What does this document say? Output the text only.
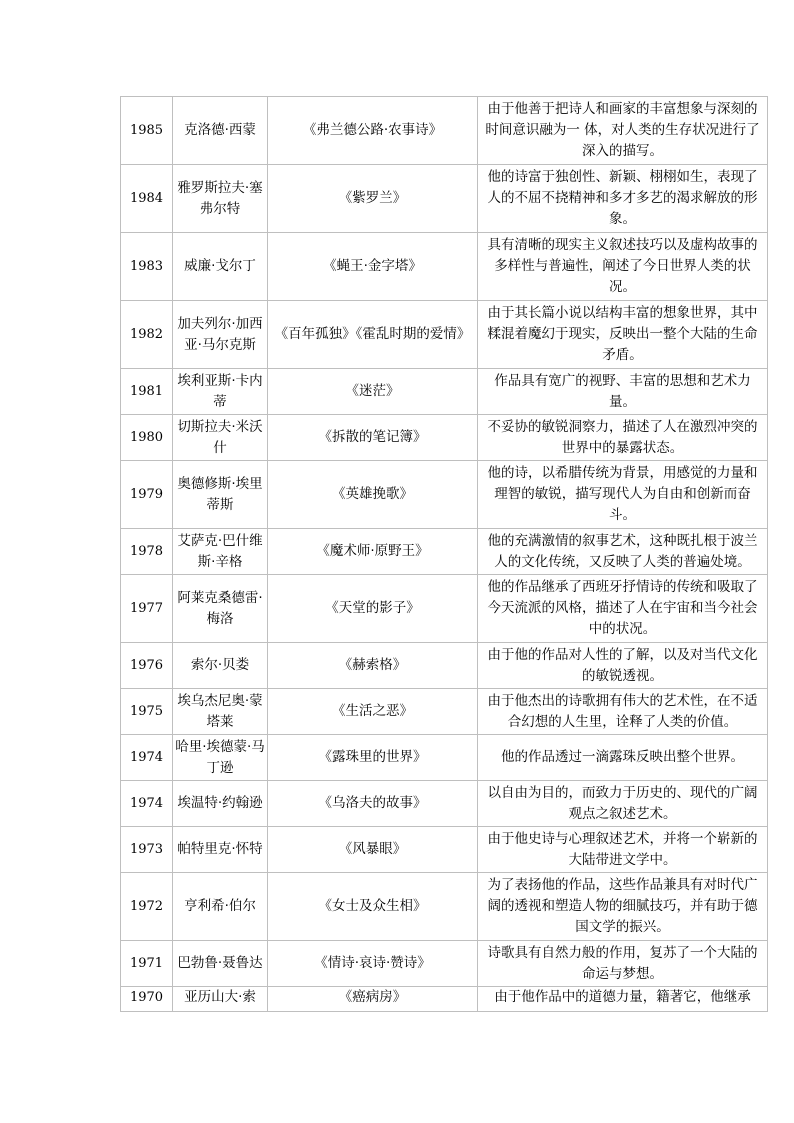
1985	克洛德·西蒙	《弗兰德公路·农事诗》	由于他善于把诗人和画家的丰富想象与深刻的时间意识融为一 体，对人类的生存状况进行了深入的描写。
1984	雅罗斯拉夫·塞弗尔特	《紫罗兰》	他的诗富于独创性、新颖、栩栩如生，表现了人的不屈不挠精神和多才多艺的渴求解放的形象。
1983	威廉·戈尔丁	《蝇王·金字塔》	具有清晰的现实主义叙述技巧以及虚构故事的多样性与普遍性，阐述了今日世界人类的状况。
1982	加夫列尔·加西亚·马尔克斯	《百年孤独》《霍乱时期的爱情》	由于其长篇小说以结构丰富的想象世界，其中糅混着魔幻于现实，反映出一整个大陆的生命矛盾。
1981	埃利亚斯·卡内蒂	《迷茫》	作品具有宽广的视野、丰富的思想和艺术力量。
1980	切斯拉夫·米沃什	《拆散的笔记簿》	不妥协的敏锐洞察力，描述了人在激烈冲突的世界中的暴露状态。
1979	奥德修斯·埃里蒂斯	《英雄挽歌》	他的诗，以希腊传统为背景，用感觉的力量和理智的敏锐，描写现代人为自由和创新而奋斗。
1978	艾萨克·巴什维斯·辛格	《魔术师·原野王》	他的充满激情的叙事艺术，这种既扎根于波兰人的文化传统，又反映了人类的普遍处境。
1977	阿莱克桑德雷·梅洛	《天堂的影子》	他的作品继承了西班牙抒情诗的传统和吸取了今天流派的风格，描述了人在宇宙和当今社会中的状况。
1976	索尔·贝娄	《赫索格》	由于他的作品对人性的了解，以及对当代文化的敏锐透视。
1975	埃乌杰尼奥·蒙塔莱	《生活之恶》	由于他杰出的诗歌拥有伟大的艺术性，在不适合幻想的人生里，诠释了人类的价值。
1974	哈里·埃德蒙·马丁逊	《露珠里的世界》	他的作品透过一滴露珠反映出整个世界。
1974	埃温特·约翰逊	《乌洛夫的故事》	以自由为目的，而致力于历史的、现代的广阔观点之叙述艺术。
1973	帕特里克·怀特	《风暴眼》	由于他史诗与心理叙述艺术，并将一个崭新的大陆带进文学中。
1972	亨利希·伯尔	《女士及众生相》	为了表扬他的作品，这些作品兼具有对时代广阔的透视和塑造人物的细腻技巧，并有助于德国文学的振兴。
1971	巴勃鲁·聂鲁达	《情诗·哀诗·赞诗》	诗歌具有自然力般的作用，复苏了一个大陆的命运与梦想。
1970	亚历山大·索	《癌病房》	由于他作品中的道德力量，籍著它，他继承
